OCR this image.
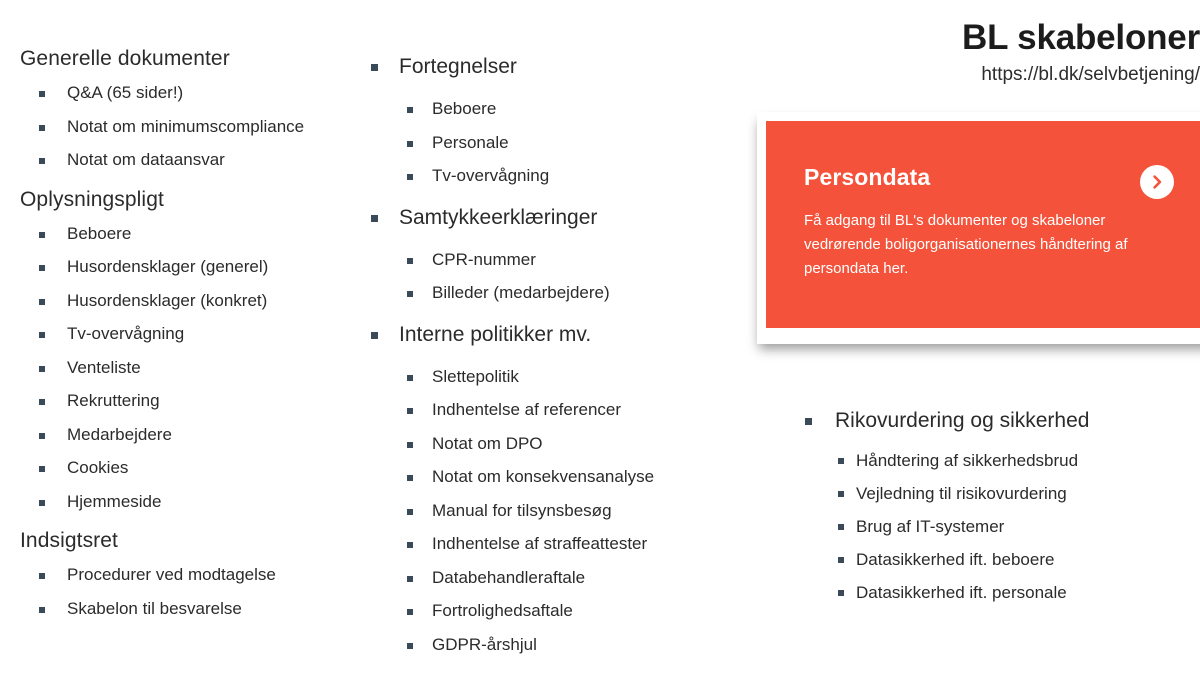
BL skabeloner

https://bl.dk/selvbetjening/

Persondata

Få adgang til BL's dokumenter og skabeloner vedrørende boligorganisationernes håndtering af persondata her.

Generelle dokumenter
Q&A (65 sider!)
Notat om minimumscompliance
Notat om dataansvar
Oplysningspligt
Beboere
Husordensklager (generel)
Husordensklager (konkret)
Tv-overvågning
Venteliste
Rekruttering
Medarbejdere
Cookies
Hjemmeside
Indsigtsret
Procedurer ved modtagelse
Skabelon til besvarelse
Fortegnelser
Beboere
Personale
Tv-overvågning
Samtykkeerklæringer
CPR-nummer
Billeder (medarbejdere)
Interne politikker mv.
Slettepolitik
Indhentelse af referencer
Notat om DPO
Notat om konsekvensanalyse
Manual for tilsynsbesøg
Indhentelse af straffeattester
Databehandleraftale
Fortrolighedsaftale
GDPR-årshjul
Rikovurdering og sikkerhed
Håndtering af sikkerhedsbrud
Vejledning til risikovurdering
Brug af IT-systemer
Datasikkerhed ift. beboere
Datasikkerhed ift. personale
